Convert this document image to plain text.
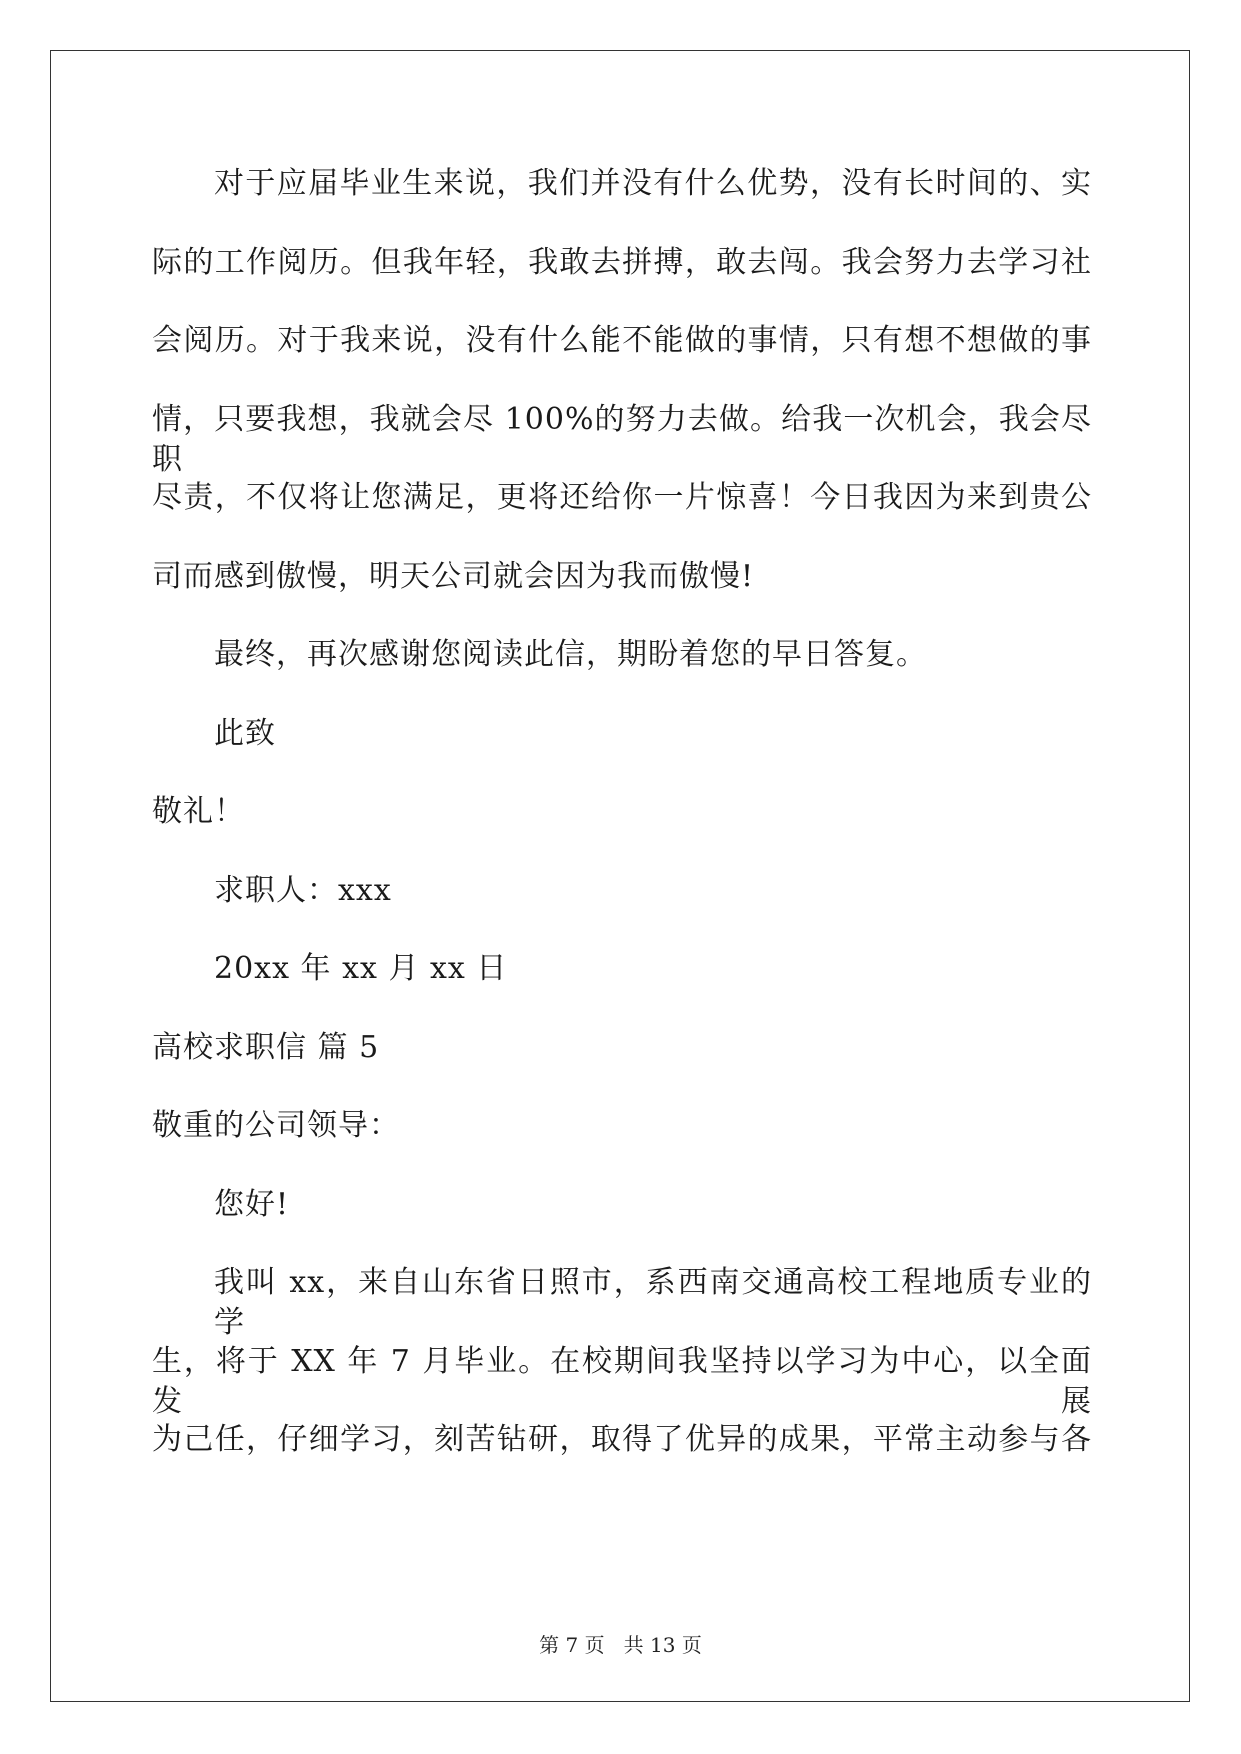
对于应届毕业生来说，我们并没有什么优势，没有长时间的、实
际的工作阅历。但我年轻，我敢去拼搏，敢去闯。我会努力去学习社
会阅历。对于我来说，没有什么能不能做的事情，只有想不想做的事
情，只要我想，我就会尽 100%的努力去做。给我一次机会，我会尽职
尽责，不仅将让您满足，更将还给你一片惊喜！今日我因为来到贵公
司而感到傲慢，明天公司就会因为我而傲慢!
最终，再次感谢您阅读此信，期盼着您的早日答复。
此致
敬礼！
求职人：xxx
20xx 年 xx 月 xx 日
高校求职信 篇 5
敬重的公司领导：
您好!
我叫 xx，来自山东省日照市，系西南交通高校工程地质专业的学
生，将于 XX 年 7 月毕业。在校期间我坚持以学习为中心，以全面发展
为己任，仔细学习，刻苦钻研，取得了优异的成果，平常主动参与各
第 7 页 共 13 页
